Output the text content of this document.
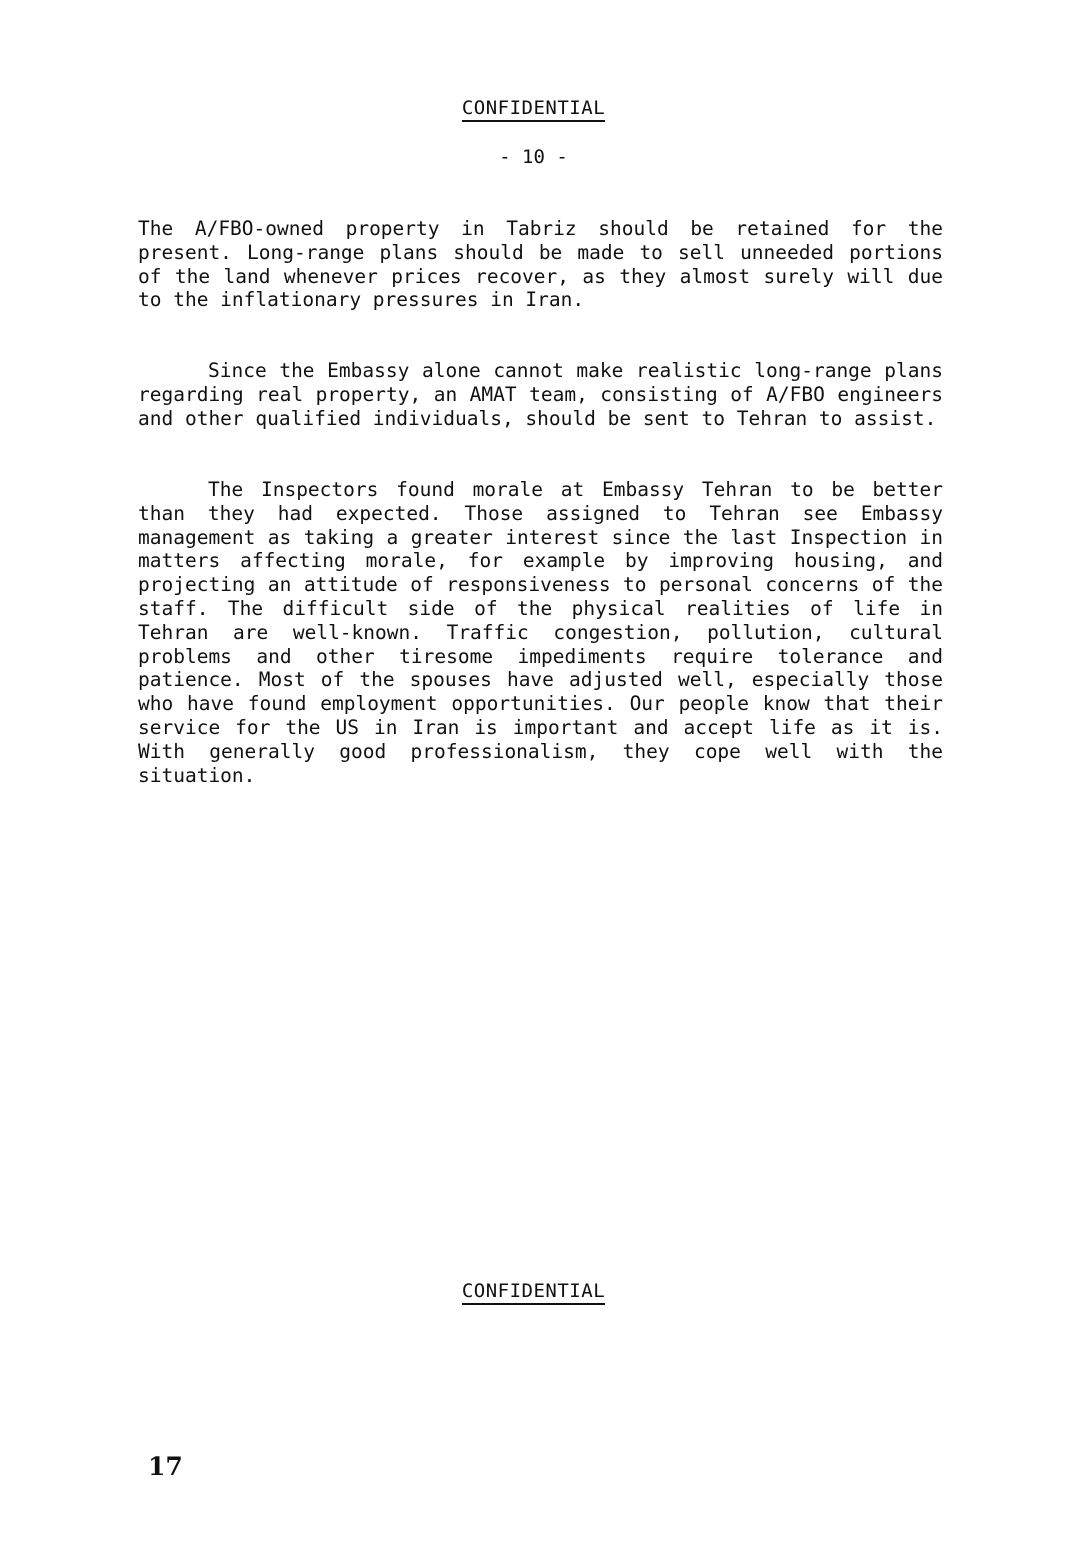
CONFIDENTIAL
- 10 -

The A/FBO-owned property in Tabriz should be retained for the present. Long-range plans should be made to sell unneeded portions of the land whenever prices recover, as they almost surely will due to the inflationary pressures in Iran.

Since the Embassy alone cannot make realistic long-range plans regarding real property, an AMAT team, consisting of A/FBO engineers and other qualified individuals, should be sent to Tehran to assist.

The Inspectors found morale at Embassy Tehran to be better than they had expected. Those assigned to Tehran see Embassy management as taking a greater interest since the last Inspection in matters affecting morale, for example by improving housing, and projecting an attitude of responsiveness to personal concerns of the staff. The difficult side of the physical realities of life in Tehran are well-known. Traffic congestion, pollution, cultural problems and other tiresome impediments require tolerance and patience. Most of the spouses have adjusted well, especially those who have found employment opportunities. Our people know that their service for the US in Iran is important and accept life as it is. With generally good professionalism, they cope well with the situation.

CONFIDENTIAL
17
